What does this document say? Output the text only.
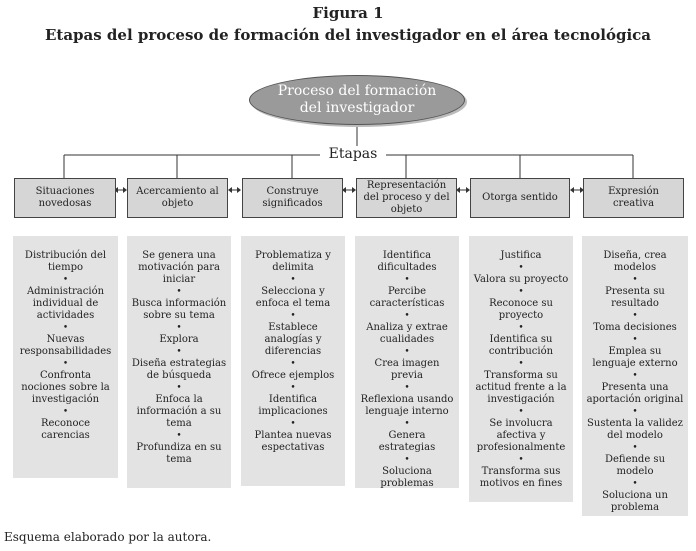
Figura 1
Etapas del proceso de formación del investigador en el área tecnológica
Proceso del formación del investigador
Etapas
Situaciones novedosas
Acercamiento al objeto
Construye significados
Representación del proceso y del objeto
Otorga sentido
Expresión creativa
Distribución del tiempo
•
Administración individual de actividades
•
Nuevas responsabilidades
•
Confronta nociones sobre la investigación
•
Reconoce carencias
Se genera una motivación para iniciar
•
Busca información sobre su tema
•
Explora
•
Diseña estrategias de búsqueda
•
Enfoca la información a su tema
•
Profundiza en su tema
Problematiza y delimita
•
Selecciona y enfoca el tema
•
Establece analogías y diferencias
•
Ofrece ejemplos
•
Identifica implicaciones
•
Plantea nuevas espectativas
Identifica dificultades
•
Percibe características
•
Analiza y extrae cualidades
•
Crea imagen previa
•
Reflexiona usando lenguaje interno
•
Genera estrategias
•
Soluciona problemas
Justifica
•
Valora su proyecto
•
Reconoce su proyecto
•
Identifica su contribución
•
Transforma su actitud frente a la investigación
•
Se involucra afectiva y profesionalmente
•
Transforma sus motivos en fines
Diseña, crea modelos
•
Presenta su resultado
•
Toma decisiones
•
Emplea su lenguaje externo
•
Presenta una aportación original
•
Sustenta la validez del modelo
•
Defiende su modelo
•
Soluciona un problema
Esquema elaborado por la autora.
